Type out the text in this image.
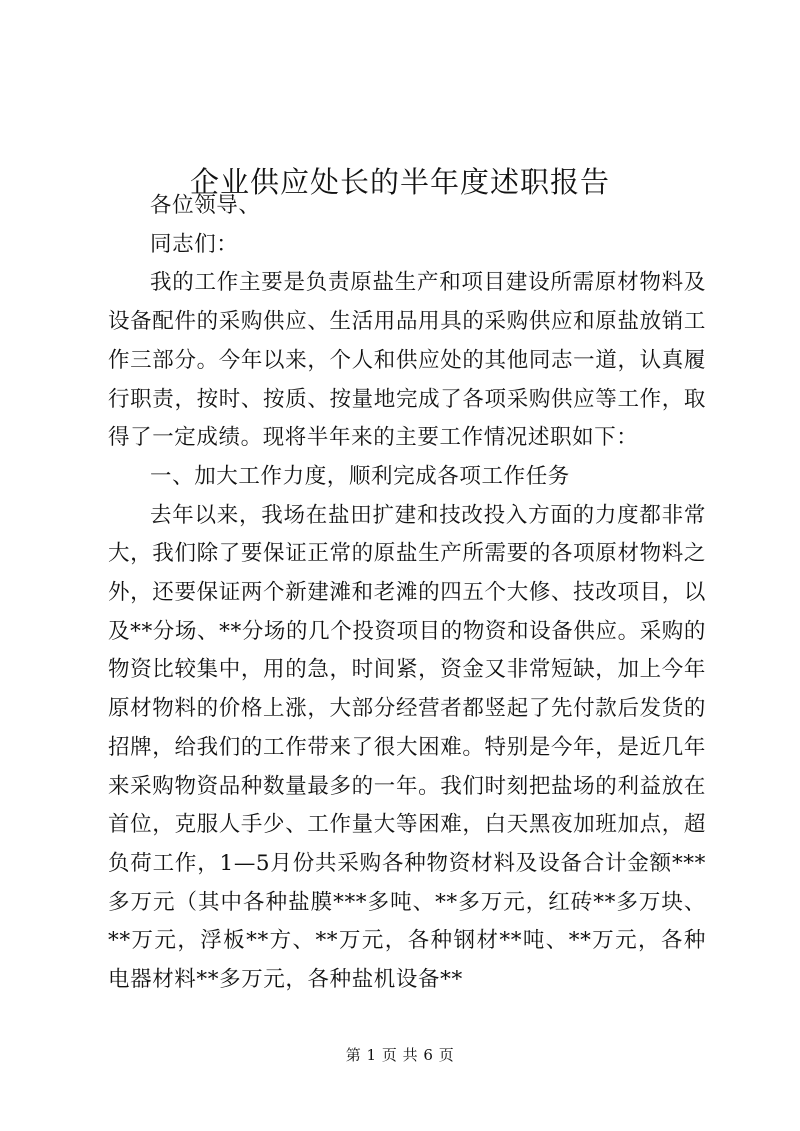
企业供应处长的半年度述职报告

各位领导、

同志们：

我的工作主要是负责原盐生产和项目建设所需原材物料及设备配件的采购供应、生活用品用具的采购供应和原盐放销工作三部分。今年以来，个人和供应处的其他同志一道，认真履行职责，按时、按质、按量地完成了各项采购供应等工作，取得了一定成绩。现将半年来的主要工作情况述职如下：

一、加大工作力度，顺利完成各项工作任务

去年以来，我场在盐田扩建和技改投入方面的力度都非常大，我们除了要保证正常的原盐生产所需要的各项原材物料之外，还要保证两个新建滩和老滩的四五个大修、技改项目，以及**分场、**分场的几个投资项目的物资和设备供应。采购的物资比较集中，用的急，时间紧，资金又非常短缺，加上今年原材物料的价格上涨，大部分经营者都竖起了先付款后发货的招牌，给我们的工作带来了很大困难。特别是今年，是近几年来采购物资品种数量最多的一年。我们时刻把盐场的利益放在首位，克服人手少、工作量大等困难，白天黑夜加班加点，超负荷工作，1—5月份共采购各种物资材料及设备合计金额***多万元（其中各种盐膜***多吨、**多万元，红砖**多万块、**万元，浮板**方、**万元，各种钢材**吨、**万元，各种电器材料**多万元，各种盐机设备**

第 1 页 共 6 页
